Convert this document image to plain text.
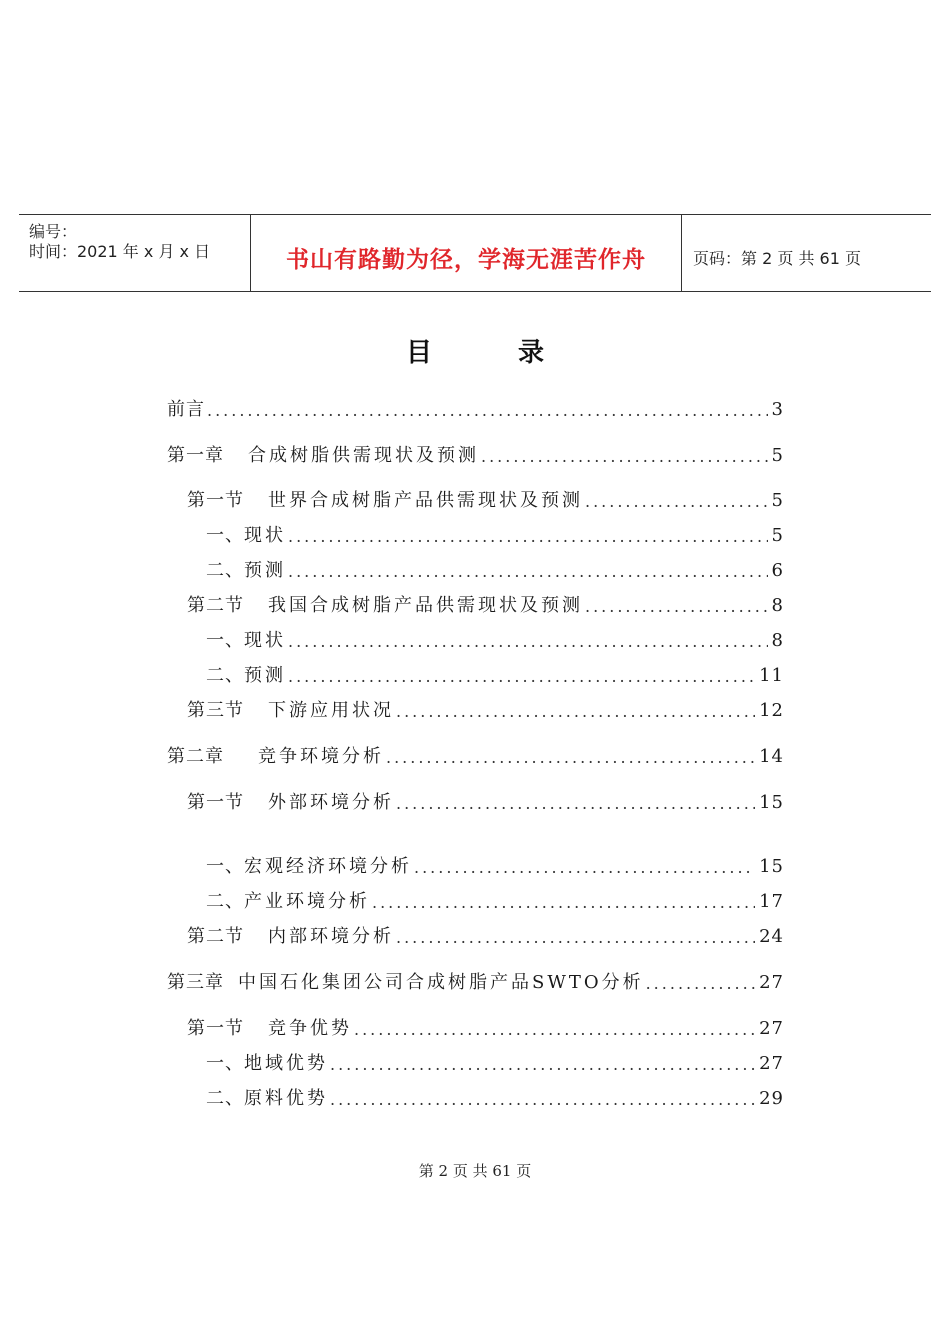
编号：
时间：2021 年 x 月 x 日	书山有路勤为径，学海无涯苦作舟	页码：第 2 页 共 61 页
目	录
前言 .....	3
第一章 合成树脂供需现状及预测 .....	5
第一节 世界合成树脂产品供需现状及预测 .....	5
一、现状 .....	5
二、预测 .....	6
第二节 我国合成树脂产品供需现状及预测 .....	8
一、现状 .....	8
二、预测 .....	11
第三节 下游应用状况 .....	12
第二章 竞争环境分析 .....	14
第一节 外部环境分析 .....	15
一、宏观经济环境分析 .....	15
二、产业环境分析 .....	17
第二节 内部环境分析 .....	24
第三章 中国石化集团公司合成树脂产品SWTO分析 .....	27
第一节 竞争优势 .....	27
一、地域优势 .....	27
二、原料优势 .....	29
第 2 页 共 61 页
